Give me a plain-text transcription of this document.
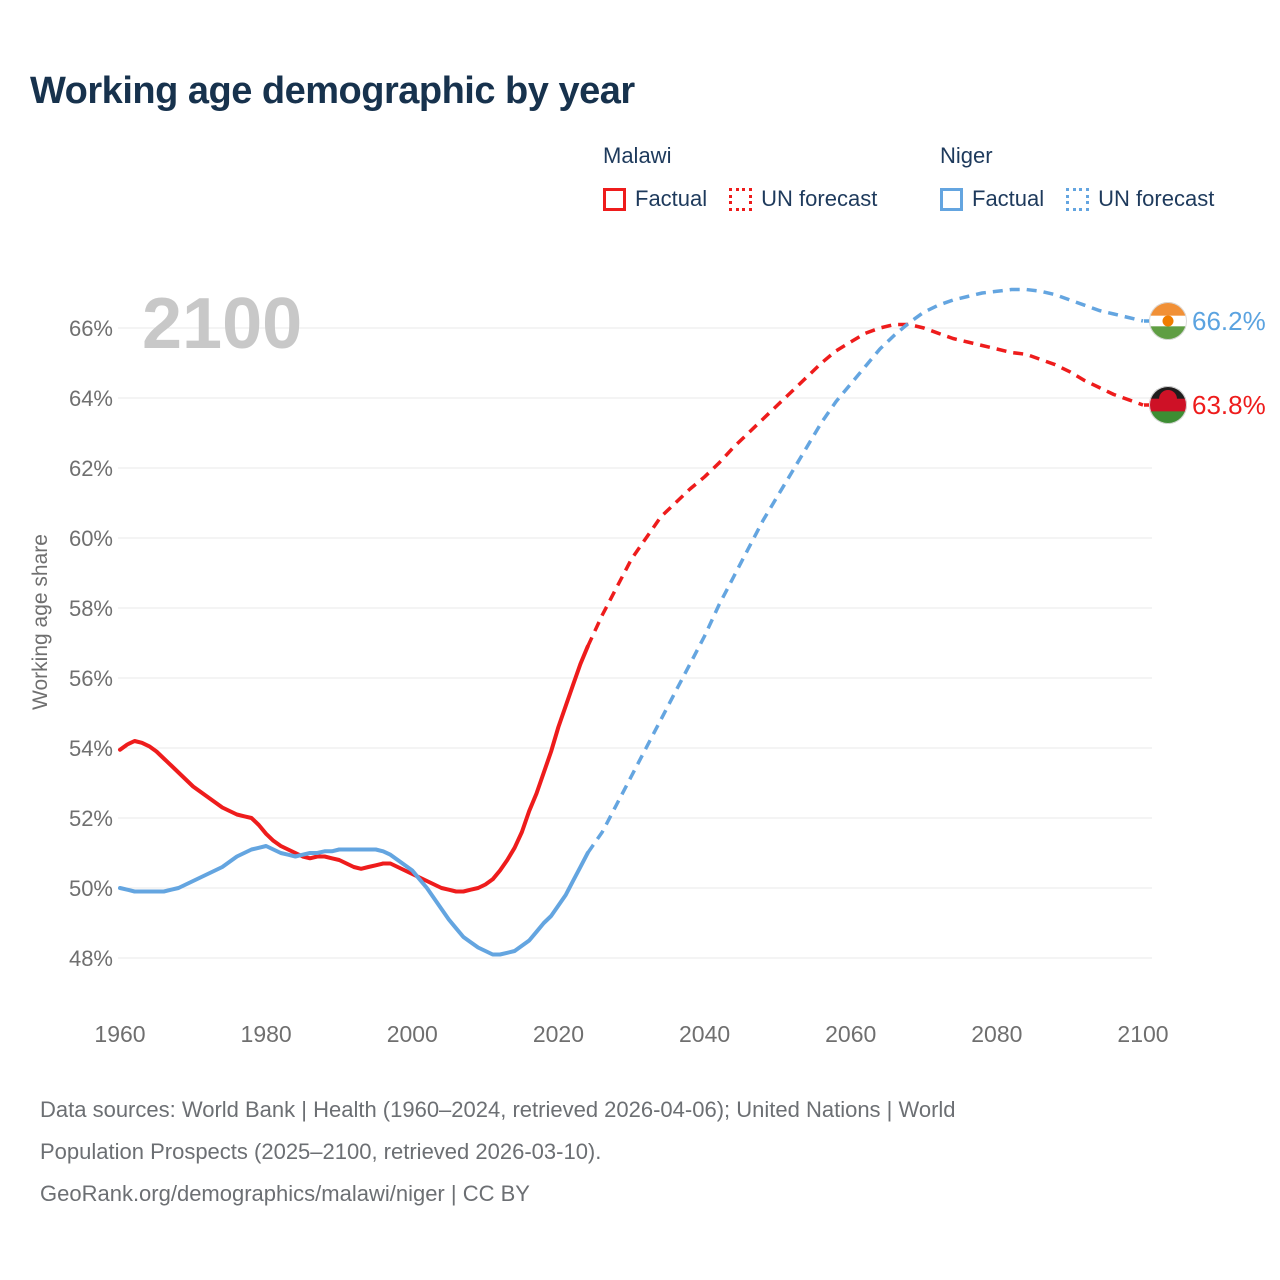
Working age demographic by year
Malawi
Factual UN forecast
Niger
Factual UN forecast
48%
50%
52%
54%
56%
58%
60%
62%
64%
66% 2100
1960	1980	2000	2020	2040	2060	2080	2100
Working age share
66.2%
63.8%
Data sources: World Bank | Health (1960–2024, retrieved 2026-04-06); United Nations | World
Population Prospects (2025–2100, retrieved 2026-03-10).
GeoRank.org/demographics/malawi/niger | CC BY
